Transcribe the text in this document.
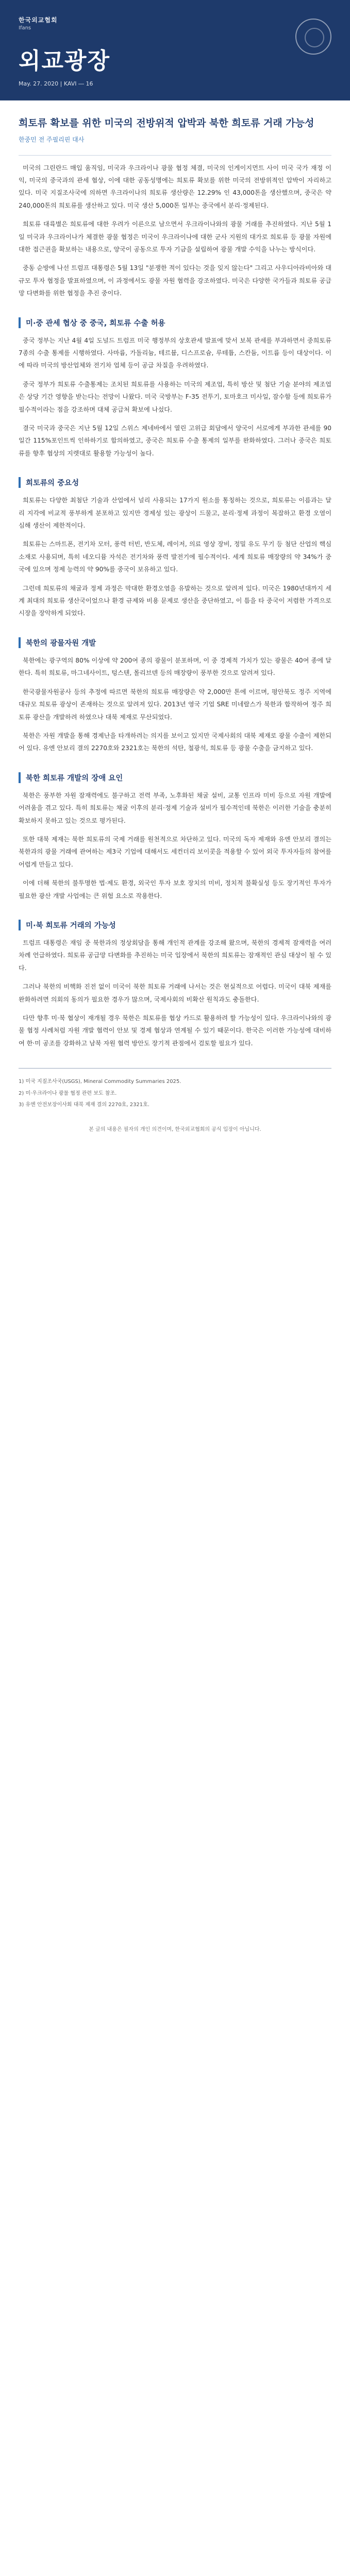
한국외교협회
Ifans
외교광장
May. 27. 2020 | KAVI ― 16
희토류 확보를 위한 미국의 전방위적 압박과 북한 희토류 거래 가능성
한중민 전 주필리핀 대사

미국의 그린란드 매입 움직임, 미국과 우크라이나 광물 협정 체결, 미국의 인게이지먼트 사이 미국 국가 재정 이익, 미국의 중국과의 관세 협상, 이에 대한 공동성명에는 희토류 확보를 위한 미국의 전방위적인 압박이 자리하고 있다. 미국 지질조사국에 의하면 우크라이나의 희토류 생산량은 12.29% 인 43,000톤을 생산했으며, 중국은 약 240,000톤의 희토류를 생산하고 있다. 미국 생산 5,000톤 일부는 중국에서 분리·정제된다.

희토류 대륙별은 희토류에 대한 우려가 이른으로 남으면서 우크라이나와의 광물 거래를 추진하였다. 지난 5월 1일 미국과 우크라이나가 체결한 광물 협정은 미국이 우크라이나에 대한 군사 지원의 대가로 희토류 등 광물 자원에 대한 접근권을 확보하는 내용으로, 양국이 공동으로 투자 기금을 설립하여 광물 개발 수익을 나누는 방식이다.

중동 순방에 나선 트럼프 대통령은 5월 13일 "분쟁한 적이 있다는 것을 잊지 않는다" 그리고 사우디아라비아와 대규모 투자 협정을 발표하였으며, 이 과정에서도 광물 자원 협력을 강조하였다. 미국은 다양한 국가들과 희토류 공급망 다변화를 위한 협정을 추진 중이다.

미·중 관세 협상 중 중국, 희토류 수출 허용

중국 정부는 지난 4월 4일 도널드 트럼프 미국 행정부의 상호관세 발표에 맞서 보복 관세를 부과하면서 중희토류 7종의 수출 통제를 시행하였다. 사마륨, 가돌리늄, 테르븀, 디스프로슘, 루테튬, 스칸듐, 이트륨 등이 대상이다. 이에 따라 미국의 방산업체와 전기차 업체 등이 공급 차질을 우려하였다.

중국 정부가 희토류 수출통제는 조치된 희토류를 사용하는 미국의 제조업, 특히 방산 및 첨단 기술 분야의 제조업은 상당 기간 영향을 받는다는 전망이 나왔다. 미국 국방부는 F-35 전투기, 토마호크 미사일, 잠수함 등에 희토류가 필수적이라는 점을 강조하며 대체 공급처 확보에 나섰다.

결국 미국과 중국은 지난 5월 12일 스위스 제네바에서 열린 고위급 회담에서 양국이 서로에게 부과한 관세를 90일간 115%포인트씩 인하하기로 합의하였고, 중국은 희토류 수출 통제의 일부를 완화하였다. 그러나 중국은 희토류를 향후 협상의 지렛대로 활용할 가능성이 높다.

희토류의 중요성

희토류는 다양한 최첨단 기술과 산업에서 널리 사용되는 17가지 원소를 통칭하는 것으로, 희토류는 이름과는 달리 지각에 비교적 풍부하게 분포하고 있지만 경제성 있는 광상이 드물고, 분리·정제 과정이 복잡하고 환경 오염이 심해 생산이 제한적이다.

희토류는 스마트폰, 전기차 모터, 풍력 터빈, 반도체, 레이저, 의료 영상 장비, 정밀 유도 무기 등 첨단 산업의 핵심 소재로 사용되며, 특히 네오디뮴 자석은 전기차와 풍력 발전기에 필수적이다. 세계 희토류 매장량의 약 34%가 중국에 있으며 정제 능력의 약 90%를 중국이 보유하고 있다.

그런데 희토류의 채굴과 정제 과정은 막대한 환경오염을 유발하는 것으로 알려져 있다. 미국은 1980년대까지 세계 최대의 희토류 생산국이었으나 환경 규제와 비용 문제로 생산을 중단하였고, 이 틈을 타 중국이 저렴한 가격으로 시장을 장악하게 되었다.

북한의 광물자원 개발

북한에는 광구역의 80% 이상에 약 200여 종의 광물이 분포하며, 이 중 경제적 가치가 있는 광물은 40여 종에 달한다. 특히 희토류, 마그네사이트, 텅스텐, 몰리브덴 등의 매장량이 풍부한 것으로 알려져 있다.

한국광물자원공사 등의 추정에 따르면 북한의 희토류 매장량은 약 2,000만 톤에 이르며, 평안북도 정주 지역에 대규모 희토류 광상이 존재하는 것으로 알려져 있다. 2013년 영국 기업 SRE 미네랄스가 북한과 합작하여 정주 희토류 광산을 개발하려 하였으나 대북 제재로 무산되었다.

북한은 자원 개발을 통해 경제난을 타개하려는 의지를 보이고 있지만 국제사회의 대북 제재로 광물 수출이 제한되어 있다. 유엔 안보리 결의 2270호와 2321호는 북한의 석탄, 철광석, 희토류 등 광물 수출을 금지하고 있다.

북한 희토류 개발의 장애 요인

북한은 풍부한 자원 잠재력에도 불구하고 전력 부족, 노후화된 채굴 설비, 교통 인프라 미비 등으로 자원 개발에 어려움을 겪고 있다. 특히 희토류는 채굴 이후의 분리·정제 기술과 설비가 필수적인데 북한은 이러한 기술을 충분히 확보하지 못하고 있는 것으로 평가된다.

또한 대북 제재는 북한 희토류의 국제 거래를 원천적으로 차단하고 있다. 미국의 독자 제재와 유엔 안보리 결의는 북한과의 광물 거래에 관여하는 제3국 기업에 대해서도 세컨더리 보이콧을 적용할 수 있어 외국 투자자들의 참여를 어렵게 만들고 있다.

이에 더해 북한의 불투명한 법·제도 환경, 외국인 투자 보호 장치의 미비, 정치적 불확실성 등도 장기적인 투자가 필요한 광산 개발 사업에는 큰 위험 요소로 작용한다.

미·북 희토류 거래의 가능성

트럼프 대통령은 재임 중 북한과의 정상회담을 통해 개인적 관계를 강조해 왔으며, 북한의 경제적 잠재력을 여러 차례 언급하였다. 희토류 공급망 다변화를 추진하는 미국 입장에서 북한의 희토류는 잠재적인 관심 대상이 될 수 있다.

그러나 북한의 비핵화 진전 없이 미국이 북한 희토류 거래에 나서는 것은 현실적으로 어렵다. 미국이 대북 제재를 완화하려면 의회의 동의가 필요한 경우가 많으며, 국제사회의 비확산 원칙과도 충돌한다.

다만 향후 미·북 협상이 재개될 경우 북한은 희토류를 협상 카드로 활용하려 할 가능성이 있다. 우크라이나와의 광물 협정 사례처럼 자원 개발 협력이 안보 및 경제 협상과 연계될 수 있기 때문이다. 한국은 이러한 가능성에 대비하여 한·미 공조를 강화하고 남북 자원 협력 방안도 장기적 관점에서 검토할 필요가 있다.

1) 미국 지질조사국(USGS), Mineral Commodity Summaries 2025.
2) 미·우크라이나 광물 협정 관련 보도 참조.
3) 유엔 안전보장이사회 대북 제재 결의 2270호, 2321호.
본 글의 내용은 필자의 개인 의견이며, 한국외교협회의 공식 입장이 아닙니다.
